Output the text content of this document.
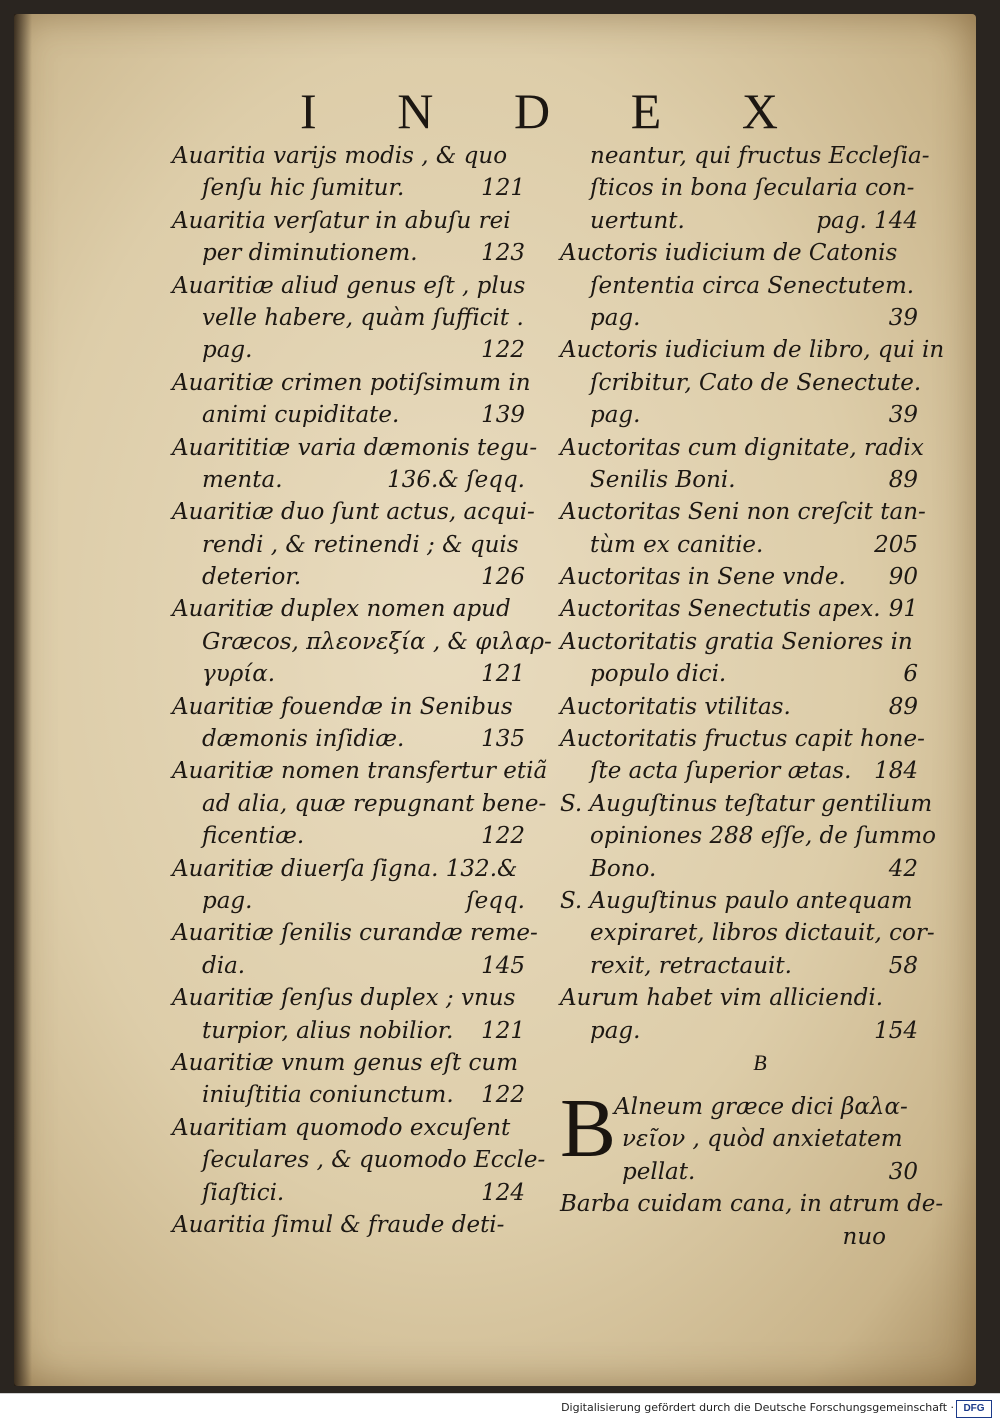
I N D E X
Auaritia varijs modis , & quo
ſenſu hic ſumitur.	121
Auaritia verſatur in abuſu rei
per diminutionem.	123
Auaritiæ aliud genus eſt , plus
velle habere, quàm ſufficit .
pag.	122
Auaritiæ crimen potiſsimum in
animi cupiditate.	139
Auarititiæ varia dæmonis tegu-
menta.	136.& ſeqq.
Auaritiæ duo ſunt actus, acqui-
rendi , & retinendi ; & quis
deterior.	126
Auaritiæ duplex nomen apud
Græcos, πλεονεξία , & φιλαρ-
γυρία.	121
Auaritiæ fouendæ in Senibus
dæmonis inſidiæ.	135
Auaritiæ nomen transfertur etiã
ad alia, quæ repugnant bene-
ficentiæ.	122
Auaritiæ diuerſa ſigna. 132.&
pag.	ſeqq.
Auaritiæ ſenilis curandæ reme-
dia.	145
Auaritiæ ſenſus duplex ; vnus
turpior, alius nobilior. 121
Auaritiæ vnum genus eſt cum
iniuſtitia coniunctum. 122
Auaritiam quomodo excuſent
ſeculares , & quomodo Eccle-
ſiaſtici.	124
Auaritia ſimul & fraude deti-
neantur, qui fructus Eccleſia-
ſticos in bona ſecularia con-
uertunt.	pag. 144
Auctoris iudicium de Catonis
ſententia circa Senectutem.
pag.	39
Auctoris iudicium de libro, qui in
ſcribitur, Cato de Senectute.
pag.	39
Auctoritas cum dignitate, radix
Senilis Boni.	89
Auctoritas Seni non creſcit tan-
tùm ex canitie.	205
Auctoritas in Sene vnde. 90
Auctoritas Senectutis apex. 91
Auctoritatis gratia Seniores in
populo dici.	6
Auctoritatis vtilitas.	89
Auctoritatis fructus capit hone-
ſte acta ſuperior ætas. 184
S. Auguſtinus teſtatur gentilium
opiniones 288 eſſe, de ſummo
Bono.	42
S. Auguſtinus paulo antequam
expiraret, libros dictauit, cor-
rexit, retractauit.	58
Aurum habet vim alliciendi.
pag.	154
B
B
Alneum græce dici βαλα-
νεῖον , quòd anxietatem
pellat.	30
Barba cuidam cana, in atrum de-
nuo
Digitalisierung gefördert durch die Deutsche Forschungsgemeinschaft · DFG
